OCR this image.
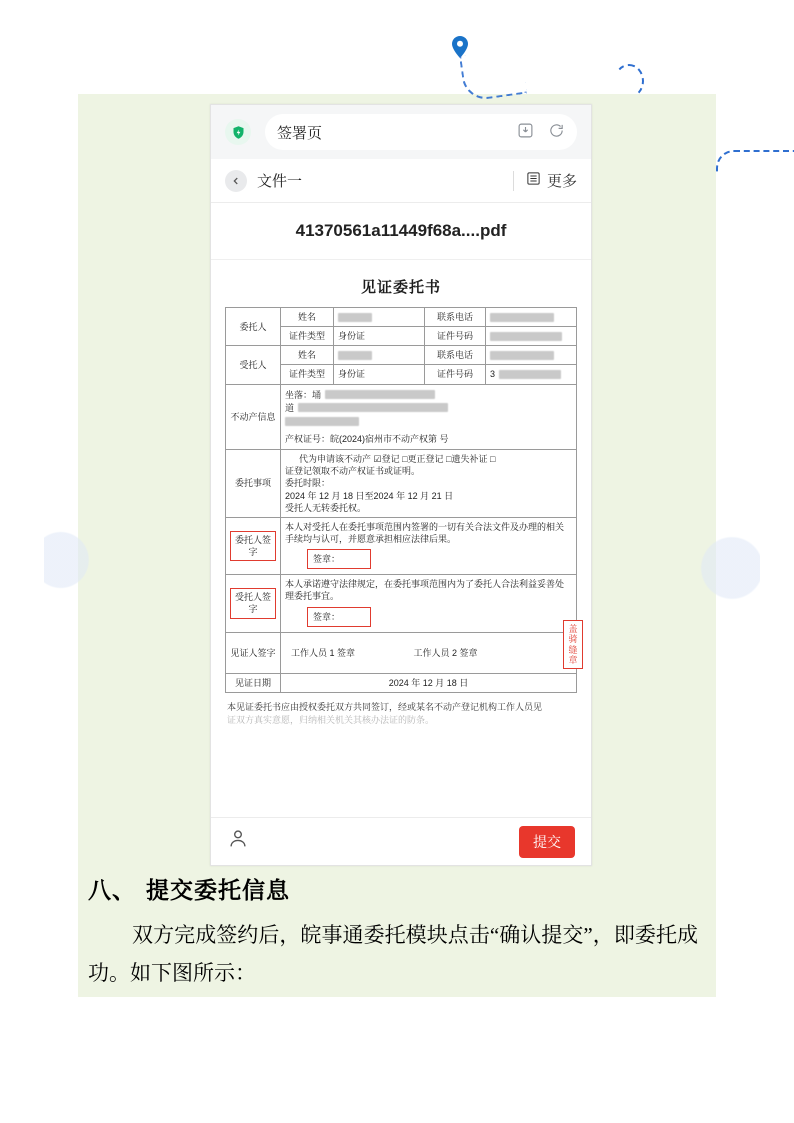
签署页
文件一	更多
41370561a11449f68a....pdf
见证委托书
委托人	姓名		联系电话	
	证件类型	身份证	证件号码	
受托人	姓名		联系电话	
	证件类型	身份证	证件号码	3

不动产信息	坐落：埇
道
产权证号：皖(2024)宿州市不动产权第 号			

委托事项	代为申请该不动产 ☑登记 □更正登记 □遗失补证 □
证登记领取不动产权证书或证明。
委托时限：
2024 年 12 月 18 日至2024 年 12 月 21 日
受托人无转委托权。			

委托人签字	本人对受托人在委托事项范围内签署的一切有关合法文件及办理的相关手续均与认可，并愿意承担相应法律后果。
签章：			
受托人签字	本人承诺遵守法律规定，在委托事项范围内为了委托人合法利益妥善处理委托事宜。
签章：			
见证人签字	工作人员 1 签章 工作人员 2 签章			
见证日期	2024 年 12 月 18 日			
盖骑缝章
本见证委托书应由授权委托双方共同签订，经或某名不动产登记机构工作人员见
证双方真实意愿，归纳相关机关其核办法证的防条。
提交
八、 提交委托信息
双方完成签约后，皖事通委托模块点击“确认提交”，即委托成功。如下图所示：
